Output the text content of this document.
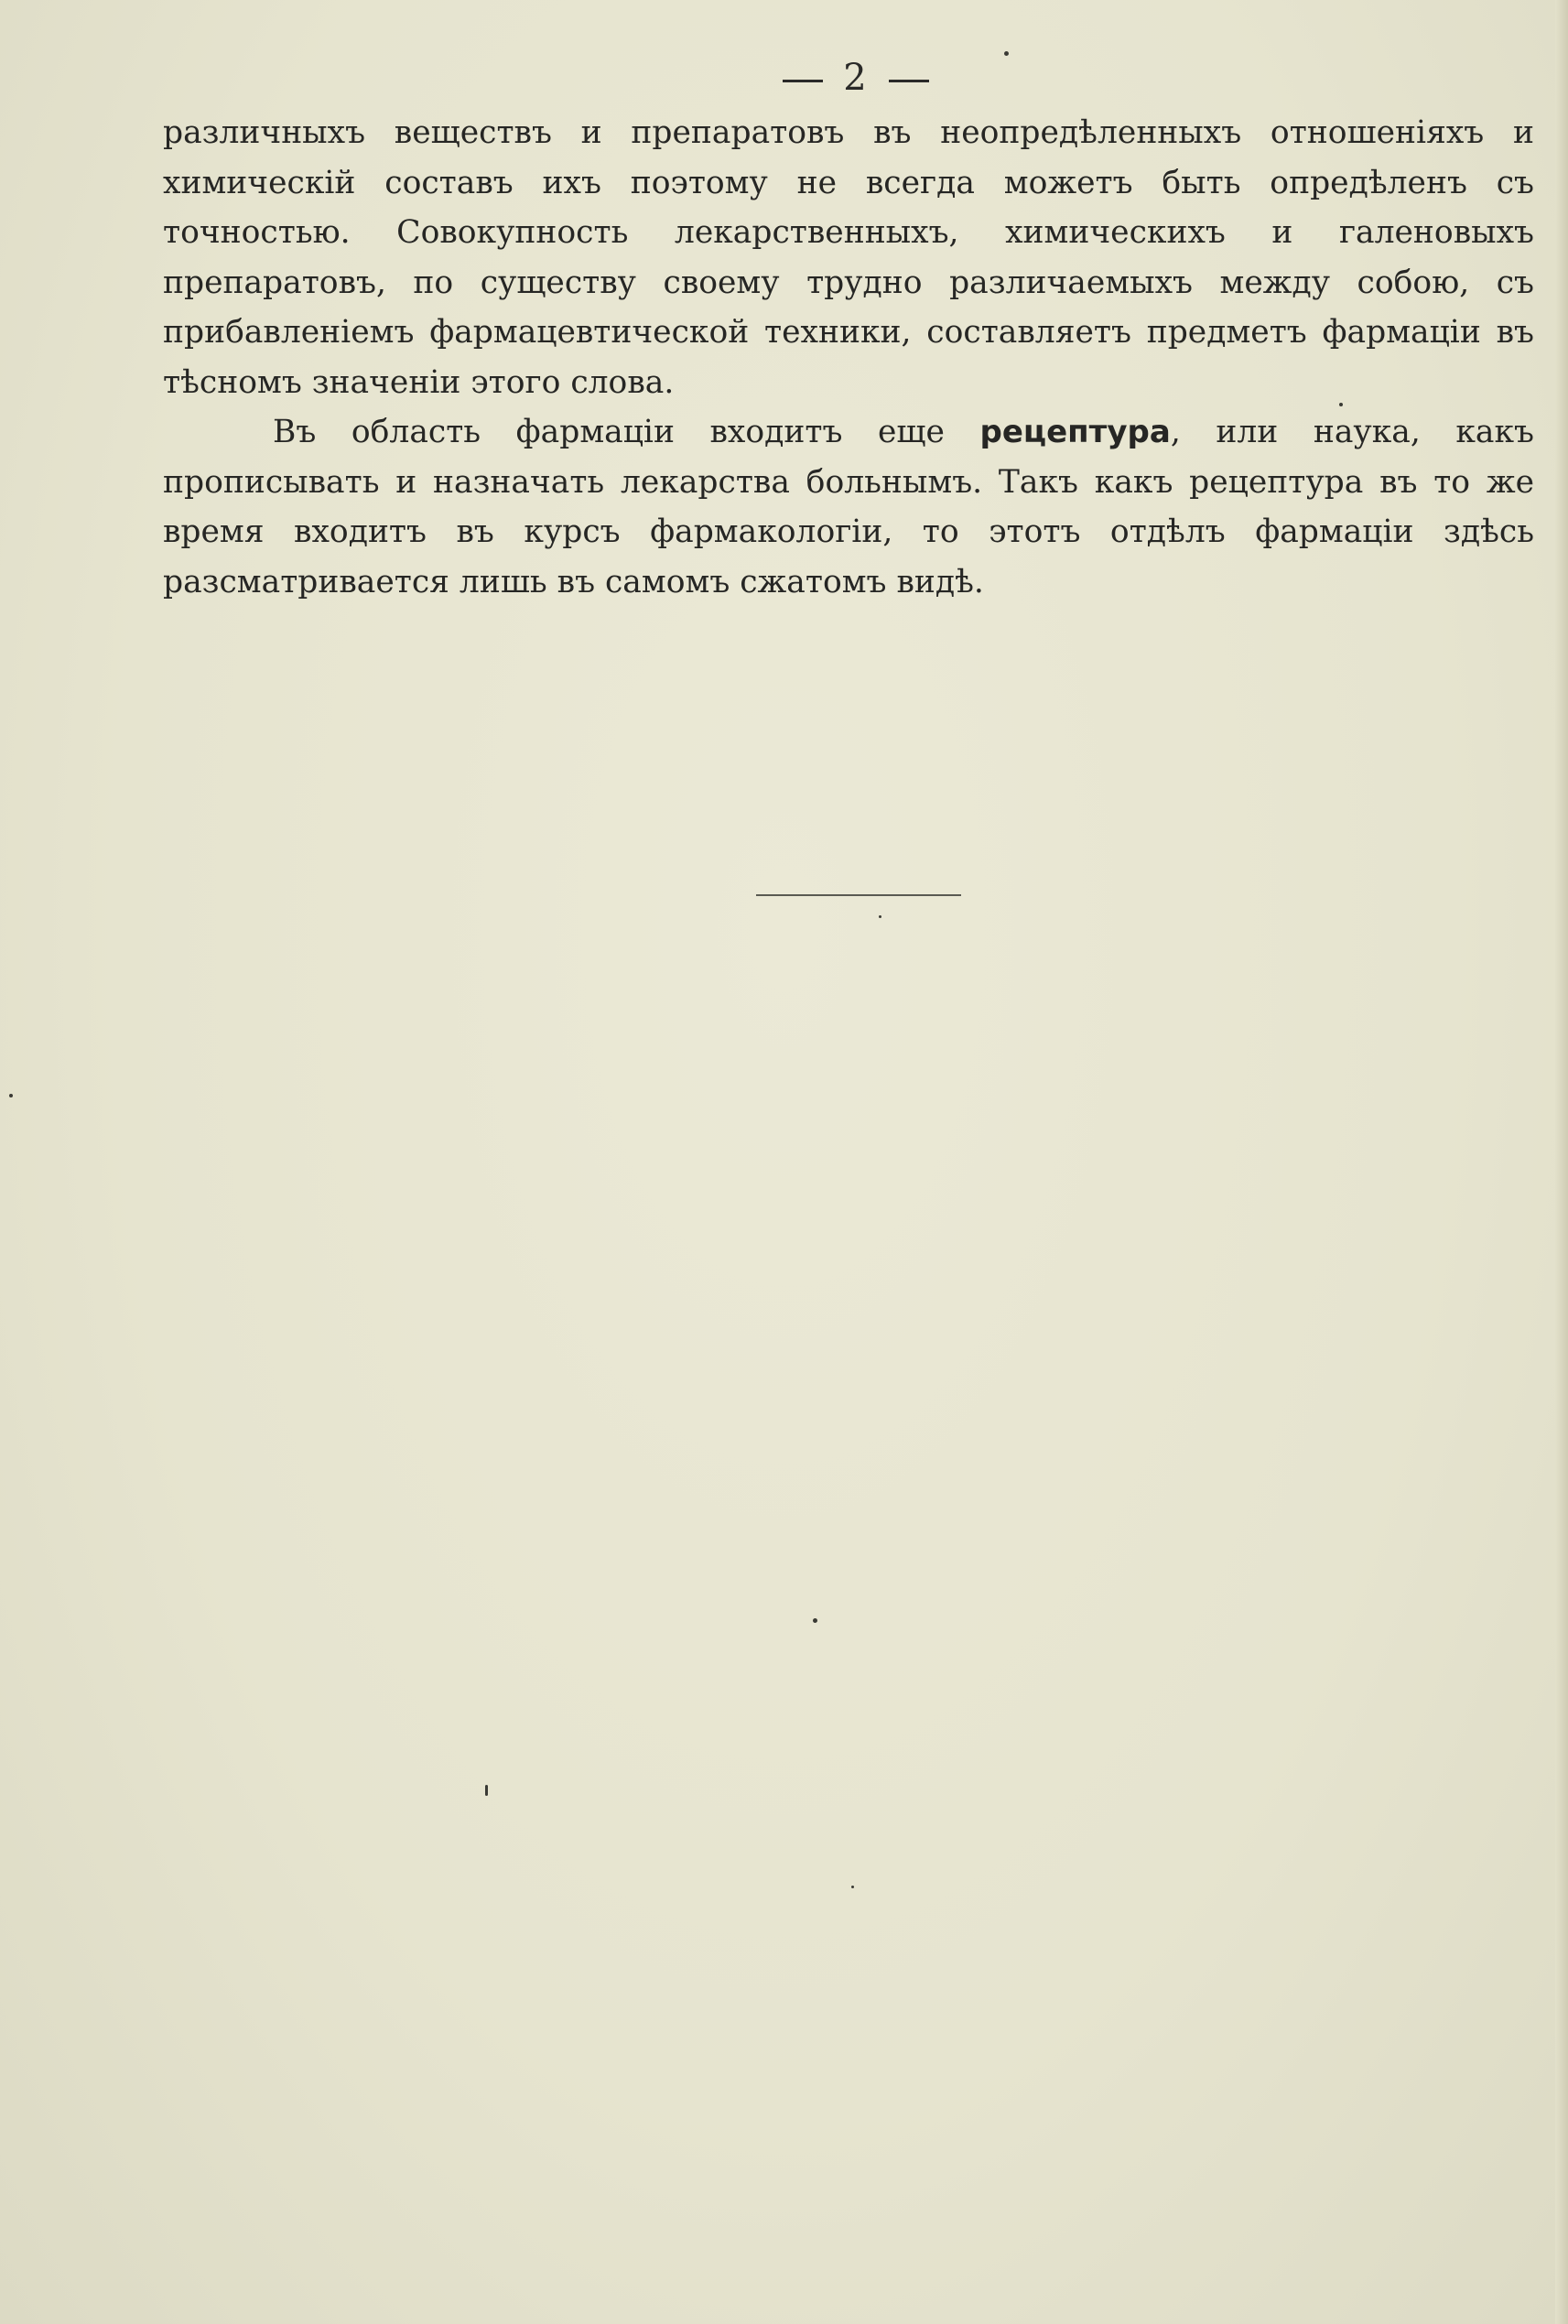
2

различныхъ веществъ и препаратовъ въ неопредѣленныхъ отношеніяхъ и химическій составъ ихъ поэтому не всегда можетъ быть опредѣленъ съ точностью. Совокупность лекарственныхъ, химическихъ и галеновыхъ препаратовъ, по существу своему трудно различаемыхъ между собою, съ прибавленіемъ фармацевтической техники, составляетъ предметъ фармаціи въ тѣсномъ значеніи этого слова.

Въ область фармаціи входитъ еще рецептура, или наука, какъ прописывать и назначать лекарства больнымъ. Такъ какъ рецептура въ то же время входитъ въ курсъ фармакологіи, то этотъ отдѣлъ фармаціи здѣсь разсматривается лишь въ самомъ сжатомъ видѣ.
